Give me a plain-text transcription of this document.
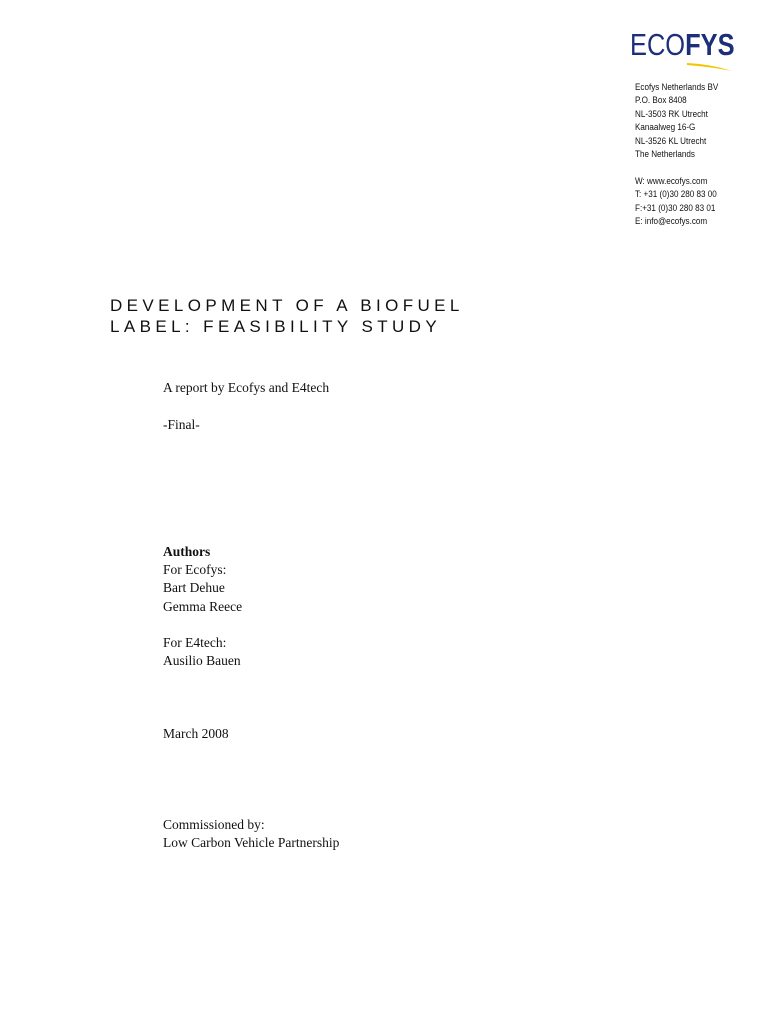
ECOFYS
Ecofys Netherlands BV
P.O. Box 8408
NL-3503 RK Utrecht
Kanaalweg 16-G
NL-3526 KL Utrecht
The Netherlands
W: www.ecofys.com
T: +31 (0)30 280 83 00
F:+31 (0)30 280 83 01
E: info@ecofys.com
DEVELOPMENT OF A BIOFUEL
LABEL: FEASIBILITY STUDY
A report by Ecofys and E4tech
-Final-
Authors
For Ecofys:
Bart Dehue
Gemma Reece
For E4tech:
Ausilio Bauen
March 2008
Commissioned by:
Low Carbon Vehicle Partnership
